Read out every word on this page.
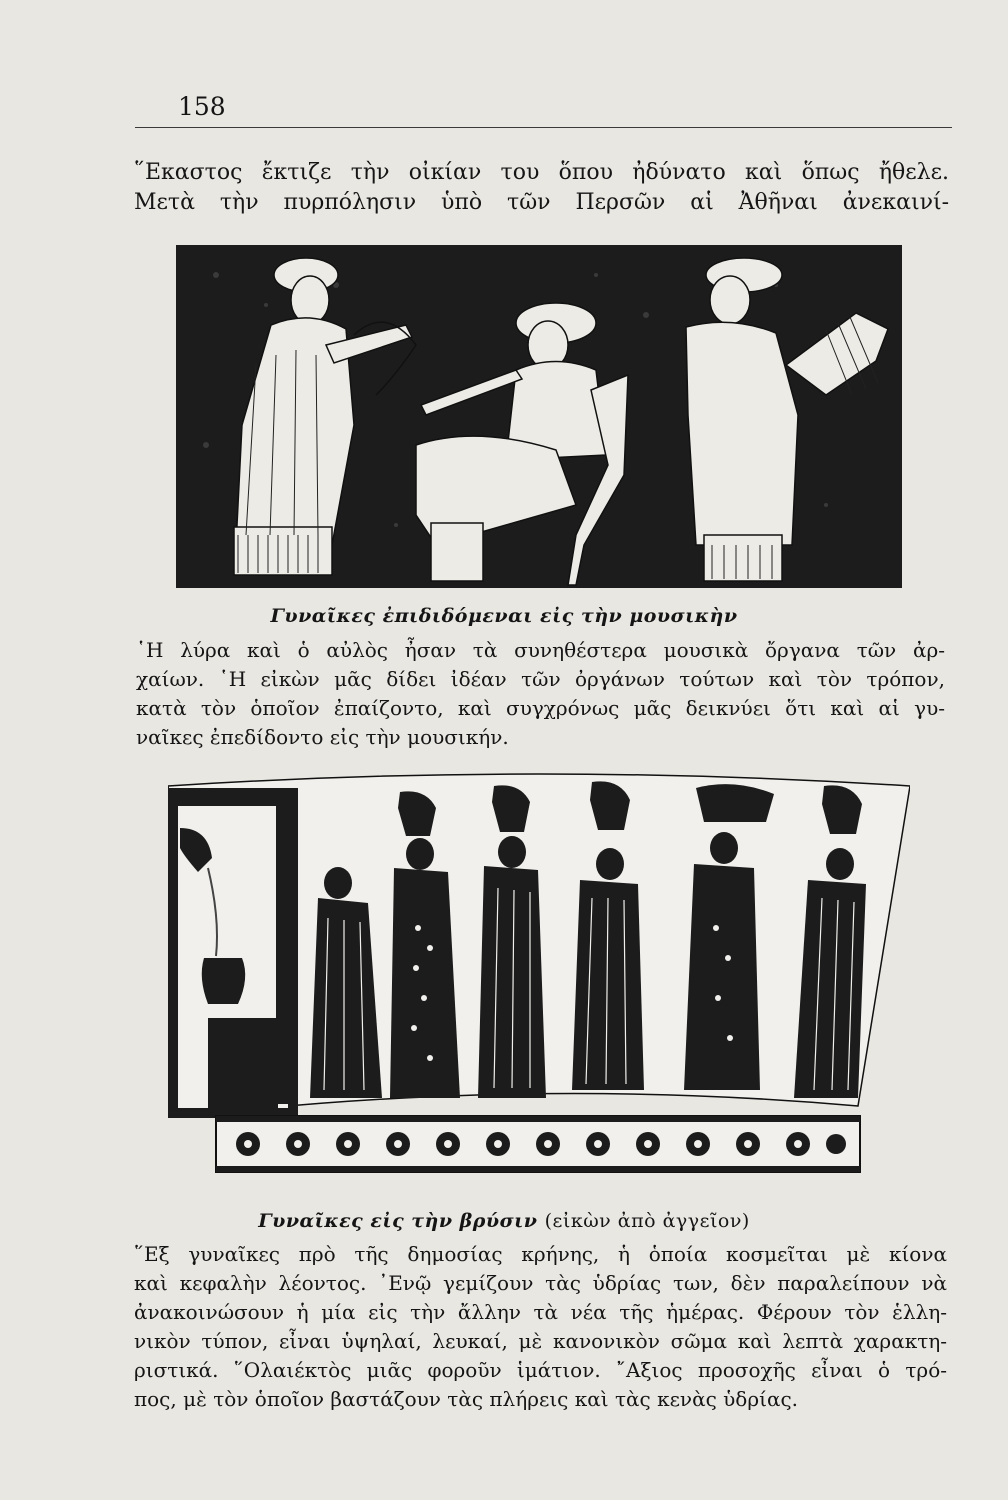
158
῞Εκαστος ἔκτιζε τὴν οἰκίαν του ὅπου ἠδύνατο καὶ ὅπως ἤθελε.
Μετὰ τὴν πυρπόλησιν ὑπὸ τῶν Περσῶν αἱ Ἀθῆναι ἀνεκαινί-
Γυναῖκες ἐπιδιδόμεναι εἰς τὴν μουσικὴν
῾Η λύρα καὶ ὁ αὐλὸς ἦσαν τὰ συνηθέστερα μουσικὰ ὄργανα τῶν ἀρ-
χαίων. ῾Η εἰκὼν μᾶς δίδει ἰδέαν τῶν ὀργάνων τούτων καὶ τὸν τρόπον,
κατὰ τὸν ὁποῖον ἐπαίζοντο, καὶ συγχρόνως μᾶς δεικνύει ὅτι καὶ αἱ γυ-
ναῖκες ἐπεδίδοντο εἰς τὴν μουσικήν.
Γυναῖκες εἰς τὴν βρύσιν (εἰκὼν ἀπὸ ἀγγεῖον)
῞Εξ γυναῖκες πρὸ τῆς δημοσίας κρήνης, ἡ ὁποία κοσμεῖται μὲ κίονα
καὶ κεφαλὴν λέοντος. ᾽Ενῷ γεμίζουν τὰς ὑδρίας των, δὲν παραλείπουν νὰ
ἀνακοινώσουν ἡ μία εἰς τὴν ἄλλην τὰ νέα τῆς ἡμέρας. Φέρουν τὸν ἑλλη-
νικὸν τύπον, εἶναι ὑψηλαί, λευκαί, μὲ κανονικὸν σῶμα καὶ λεπτὰ χαρακτη-
ριστικά. ῞Ολαιέκτὸς μιᾶς φοροῦν ἱμάτιον. ῎Αξιος προσοχῆς εἶναι ὁ τρό-
πος, μὲ τὸν ὁποῖον βαστάζουν τὰς πλήρεις καὶ τὰς κενὰς ὑδρίας.
